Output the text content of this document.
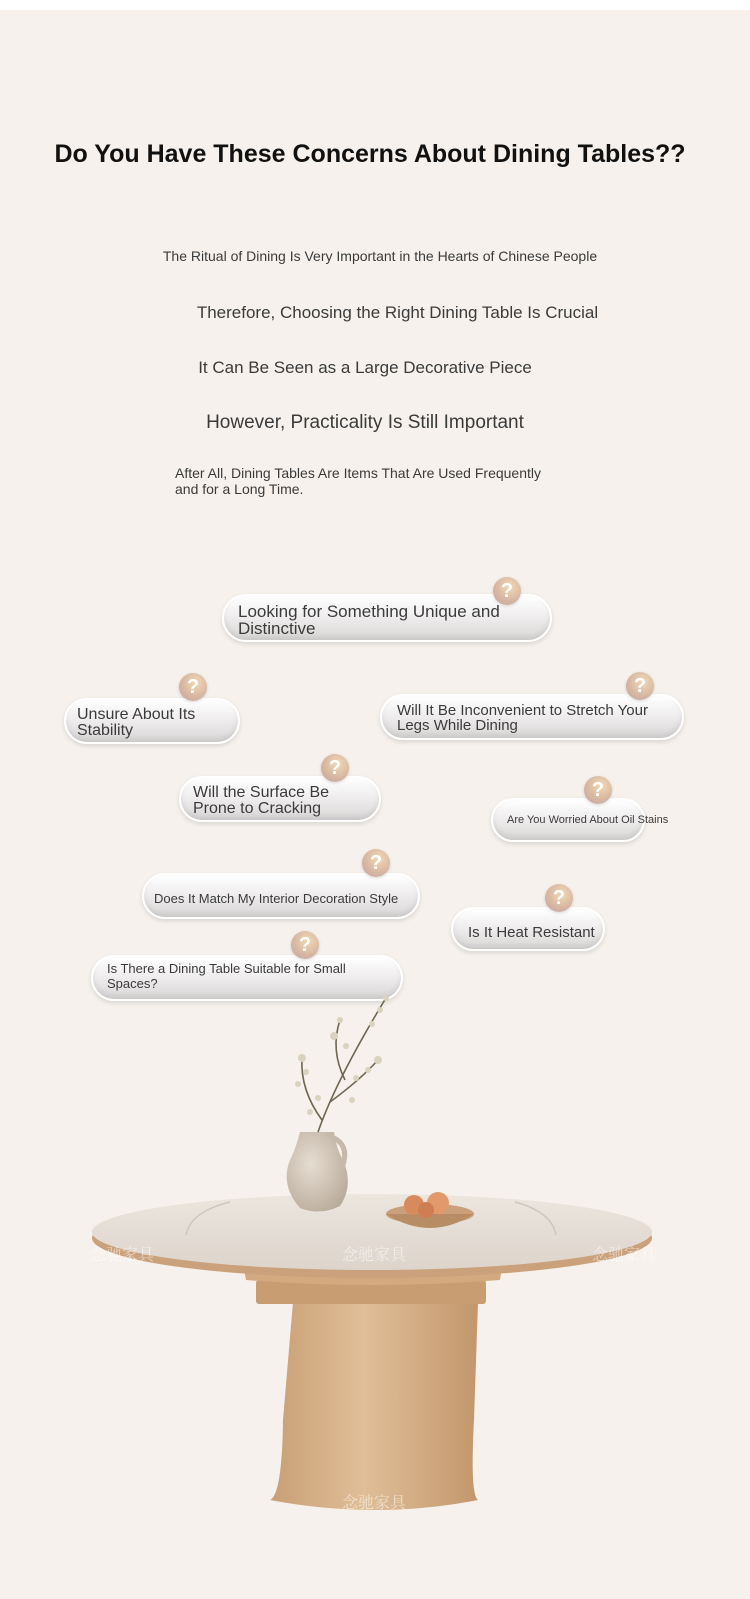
Do You Have These Concerns About Dining Tables??
The Ritual of Dining Is Very Important in the Hearts of Chinese People
Therefore, Choosing the Right Dining Table Is Crucial
It Can Be Seen as a Large Decorative Piece
However, Practicality Is Still Important
After All, Dining Tables Are Items That Are Used Frequently and for a Long Time.
Looking for Something Unique and Distinctive
?
Unsure About Its Stability
?
Will It Be Inconvenient to Stretch Your Legs While Dining
?
Will the Surface Be Prone to Cracking
?
Are You Worried About Oil Stains
?
Does It Match My Interior Decoration Style
?
Is It Heat Resistant
?
Is There a Dining Table Suitable for Small Spaces?
?
念驰家具	念驰家具	念驰家具
念驰家具
